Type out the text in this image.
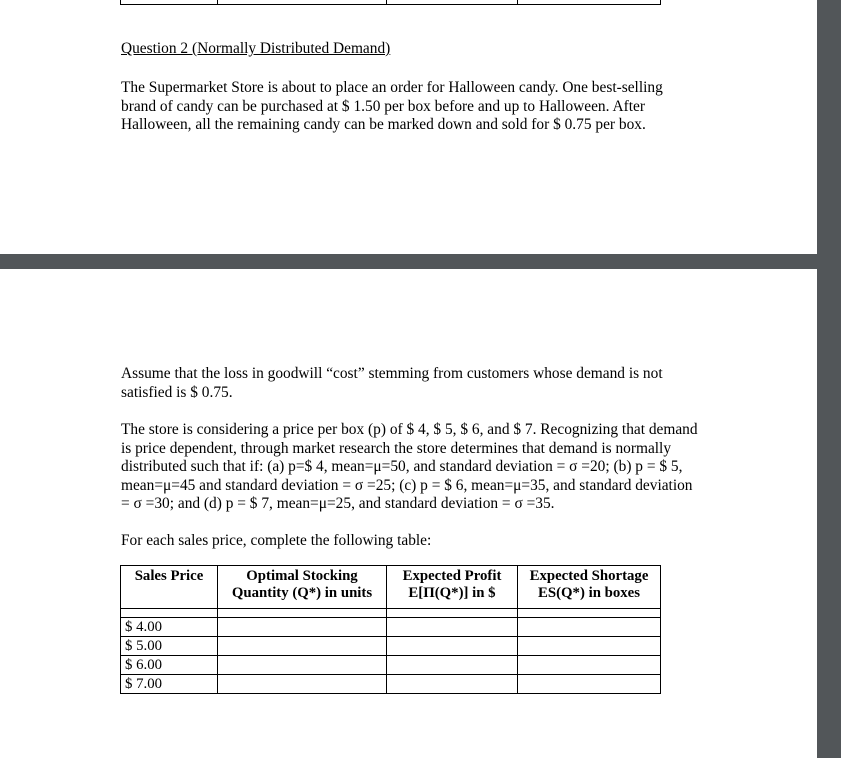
Question 2 (Normally Distributed Demand)
The Supermarket Store is about to place an order for Halloween candy. One best-selling brand of candy can be purchased at $ 1.50 per box before and up to Halloween. After Halloween, all the remaining candy can be marked down and sold for $ 0.75 per box.
Assume that the loss in goodwill “cost” stemming from customers whose demand is not satisfied is $ 0.75.
The store is considering a price per box (p) of $ 4, $ 5, $ 6, and $ 7. Recognizing that demand is price dependent, through market research the store determines that demand is normally distributed such that if: (a) p=$ 4, mean=μ=50, and standard deviation = σ =20; (b) p = $ 5, mean=μ=45 and standard deviation = σ =25; (c) p = $ 6, mean=μ=35, and standard deviation = σ =30; and (d) p = $ 7, mean=μ=25, and standard deviation = σ =35.
For each sales price, complete the following table:
Sales Price	Optimal Stocking Quantity (Q*) in units	Expected Profit E[Π(Q*)] in $	Expected Shortage ES(Q*) in boxes

$ 4.00			
$ 5.00			
$ 6.00			
$ 7.00			
